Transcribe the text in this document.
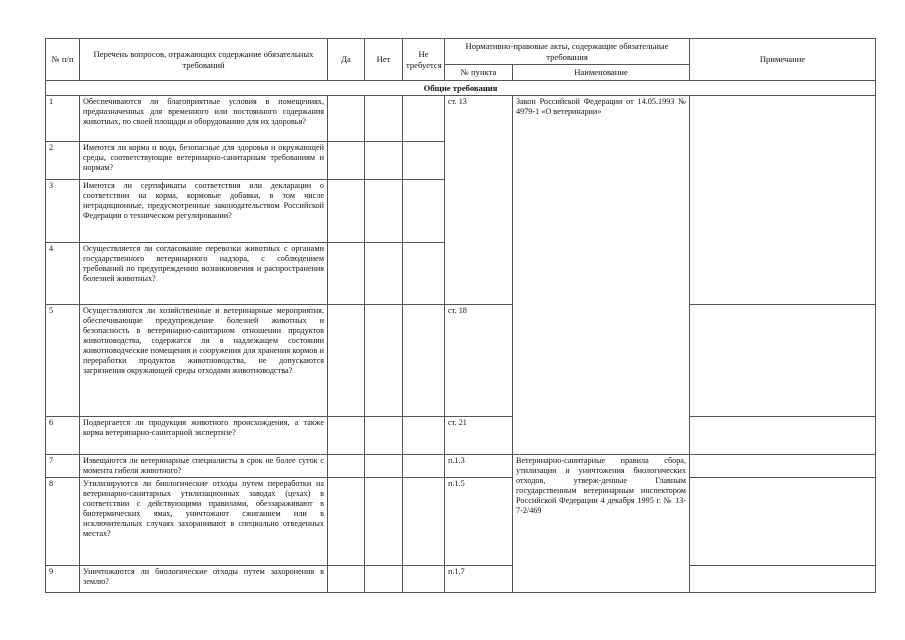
№ п/п	Перечень вопросов, отражающих содержание обязательных требований	Да	Нет	Не требуется	Нормативно-правовые акты, содержащие обязательные требования		Примечание
					№ пункта	Наименование	
Общие требования							
1	Обеспечиваются ли благоприятные условия в помещениях, предназначенных для временного или постоянного содержания животных, по своей площади и оборудованию для их здоровья?				ст. 13	Закон Российской Федерации от 14.05.1993 № 4979-1 «О ветеринарии»	
2	Имеются ли корма и вода, безопасные для здоровья и окружающей среды, соответствующие ветеринарно-санитарным требованиям и нормам?						
3	Имеются ли сертификаты соответствия или декларации о соответствии на корма, кормовые добавки, в том числе нетрадиционные, предусмотренные законодательством Российской Федерации о техническом регулировании?						
4	Осуществляется ли согласование перевозки животных с органами государственного ветеринарного надзора, с соблюдением требований по предупреждению возникновения и распространения болезней животных?						
5	Осуществляются ли хозяйственные и ветеринарные мероприятия, обеспечивающие предупреждение болезней животных и безопасность в ветеринарно-санитарном отношении продуктов животноводства, содержатся ли в надлежащем состоянии животноводческие помещения и сооружения для хранения кормов и переработки продуктов животноводства, не допускаются загрязнения окружающей среды отходами животноводства?				ст. 18		
6	Подвергается ли продукция животного происхождения, а также корма ветеринарно-санитарной экспертизе?				ст. 21		
7	Извещаются ли ветеринарные специалисты в срок не более суток с момента гибели животного?				п.1.3	Ветеринарно-санитарные правила сбора, утилизации и уничтожения биологических отходов, утверж-денные Главным государственным ветеринарным инспектором Российской Федерации 4 декабря 1995 г. № 13-7-2/469	
8	Утилизируются ли биологические отходы путем переработки на ветеринарно-санитарных утилизационных заводах (цехах) в соответствии с действующими правилами, обеззараживают в биотермических ямах, уничтожают сжиганием или в исключительных случаях захоранивают в специально отведенных местах?				п.1.5		
9	Уничтожаются ли биологические отходы путем захоронения в землю?				п.1.7		
